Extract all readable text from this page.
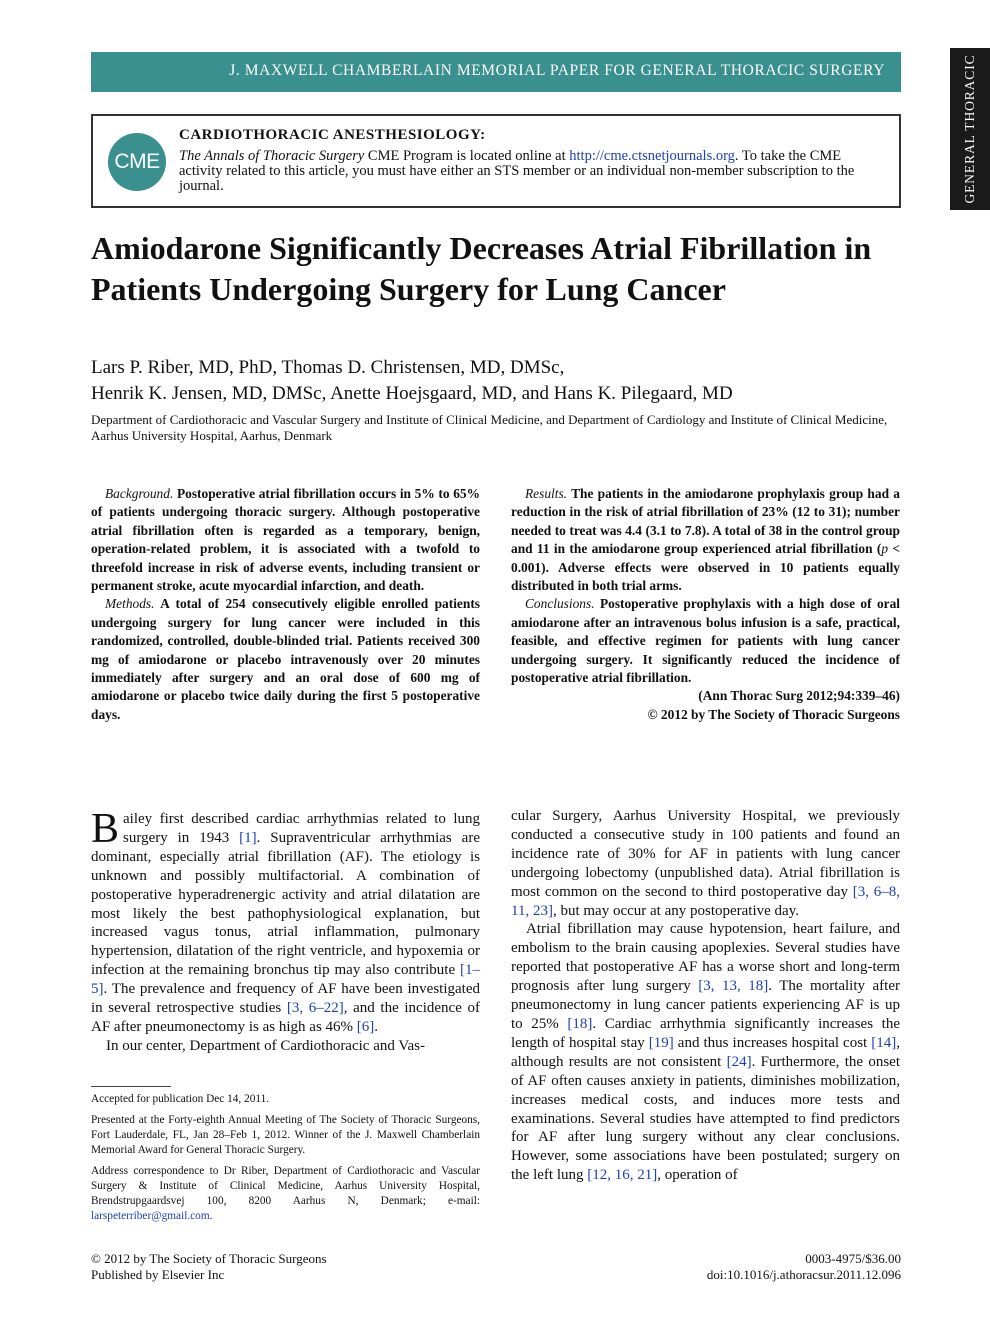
J. MAXWELL CHAMBERLAIN MEMORIAL PAPER FOR GENERAL THORACIC SURGERY	GENERAL THORACIC
CME
CARDIOTHORACIC ANESTHESIOLOGY:
The Annals of Thoracic Surgery CME Program is located online at http://cme.ctsnetjournals.org. To take the CME activity related to this article, you must have either an STS member or an individual non-member subscription to the journal.
Amiodarone Significantly Decreases Atrial Fibrillation in Patients Undergoing Surgery for Lung Cancer
Lars P. Riber, MD, PhD, Thomas D. Christensen, MD, DMSc,
Henrik K. Jensen, MD, DMSc, Anette Hoejsgaard, MD, and Hans K. Pilegaard, MD
Department of Cardiothoracic and Vascular Surgery and Institute of Clinical Medicine, and Department of Cardiology and Institute of Clinical Medicine, Aarhus University Hospital, Aarhus, Denmark

Background. Postoperative atrial fibrillation occurs in 5% to 65% of patients undergoing thoracic surgery. Although postoperative atrial fibrillation often is regarded as a temporary, benign, operation-related problem, it is associated with a twofold to threefold increase in risk of adverse events, including transient or permanent stroke, acute myocardial infarction, and death.

Methods. A total of 254 consecutively eligible enrolled patients undergoing surgery for lung cancer were included in this randomized, controlled, double-blinded trial. Patients received 300 mg of amiodarone or placebo intravenously over 20 minutes immediately after surgery and an oral dose of 600 mg of amiodarone or placebo twice daily during the first 5 postoperative days.

Results. The patients in the amiodarone prophylaxis group had a reduction in the risk of atrial fibrillation of 23% (12 to 31); number needed to treat was 4.4 (3.1 to 7.8). A total of 38 in the control group and 11 in the amiodarone group experienced atrial fibrillation (p < 0.001). Adverse effects were observed in 10 patients equally distributed in both trial arms.

Conclusions. Postoperative prophylaxis with a high dose of oral amiodarone after an intravenous bolus infusion is a safe, practical, feasible, and effective regimen for patients with lung cancer undergoing surgery. It significantly reduced the incidence of postoperative atrial fibrillation.

(Ann Thorac Surg 2012;94:339–46)
© 2012 by The Society of Thoracic Surgeons

Bailey first described cardiac arrhythmias related to lung surgery in 1943 [1]. Supraventricular arrhythmias are dominant, especially atrial fibrillation (AF). The etiology is unknown and possibly multifactorial. A combination of postoperative hyperadrenergic activity and atrial dilatation are most likely the best pathophysiological explanation, but increased vagus tonus, atrial inflammation, pulmonary hypertension, dilatation of the right ventricle, and hypoxemia or infection at the remaining bronchus tip may also contribute [1–5]. The prevalence and frequency of AF have been investigated in several retrospective studies [3, 6–22], and the incidence of AF after pneumonectomy is as high as 46% [6].

In our center, Department of Cardiothoracic and Vas-

cular Surgery, Aarhus University Hospital, we previously conducted a consecutive study in 100 patients and found an incidence rate of 30% for AF in patients with lung cancer undergoing lobectomy (unpublished data). Atrial fibrillation is most common on the second to third postoperative day [3, 6–8, 11, 23], but may occur at any postoperative day.

Atrial fibrillation may cause hypotension, heart failure, and embolism to the brain causing apoplexies. Several studies have reported that postoperative AF has a worse short and long-term prognosis after lung surgery [3, 13, 18]. The mortality after pneumonectomy in lung cancer patients experiencing AF is up to 25% [18]. Cardiac arrhythmia significantly increases the length of hospital stay [19] and thus increases hospital cost [14], although results are not consistent [24]. Furthermore, the onset of AF often causes anxiety in patients, diminishes mobilization, increases medical costs, and induces more tests and examinations. Several studies have attempted to find predictors for AF after lung surgery without any clear conclusions. However, some associations have been postulated; surgery on the left lung [12, 16, 21], operation of

Accepted for publication Dec 14, 2011.

Presented at the Forty-eighth Annual Meeting of The Society of Thoracic Surgeons, Fort Lauderdale, FL, Jan 28–Feb 1, 2012. Winner of the J. Maxwell Chamberlain Memorial Award for General Thoracic Surgery.

Address correspondence to Dr Riber, Department of Cardiothoracic and Vascular Surgery & Institute of Clinical Medicine, Aarhus University Hospital, Brendstrupgaardsvej 100, 8200 Aarhus N, Denmark; e-mail: larspeterriber@gmail.com.

© 2012 by The Society of Thoracic Surgeons
Published by Elsevier Inc
0003-4975/$36.00
doi:10.1016/j.athoracsur.2011.12.096
